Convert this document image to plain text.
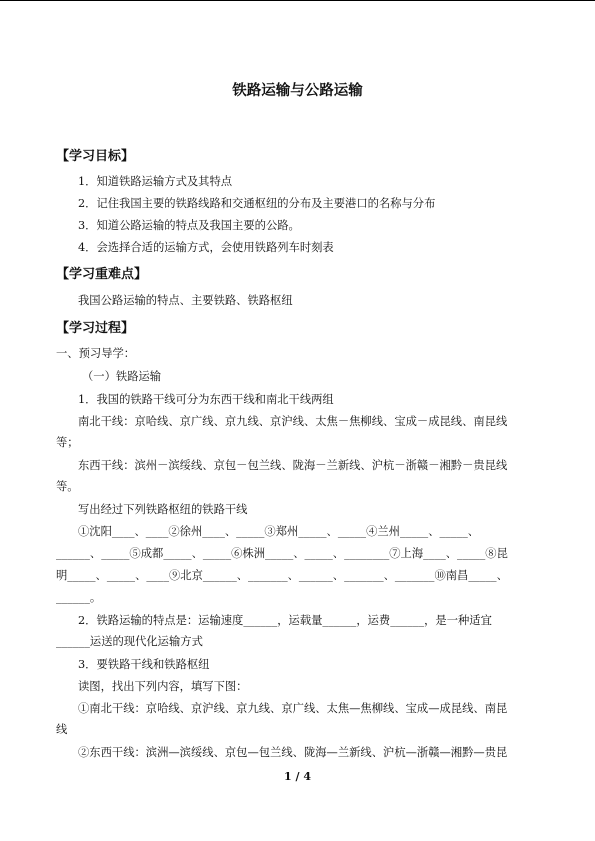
铁路运输与公路运输
【学习目标】
1．知道铁路运输方式及其特点
2．记住我国主要的铁路线路和交通枢纽的分布及主要港口的名称与分布
3．知道公路运输的特点及我国主要的公路。
4．会选择合适的运输方式，会使用铁路列车时刻表
【学习重难点】
我国公路运输的特点、主要铁路、铁路枢纽
【学习过程】
一、预习导学：
（一）铁路运输
1．我国的铁路干线可分为东西干线和南北干线两组
南北干线：京哈线、京广线、京九线、京沪线、太焦－焦柳线、宝成－成昆线、南昆线
等；
东西干线：滨州－滨绥线、京包－包兰线、陇海－兰新线、沪杭－浙赣－湘黔－贵昆线
等。
写出经过下列铁路枢纽的铁路干线
①沈阳____、____②徐州____、_____③郑州_____、_____④兰州_____、_____、
______、_____⑤成都_____、_____⑥株洲_____、_____、________⑦上海____、_____⑧昆
明_____、_____、____⑨北京______、_______、______、_______、_______⑩南昌_____、
______。
2．铁路运输的特点是：运输速度______，运载量______，运费______，是一种适宜
______运送的现代化运输方式
3．要铁路干线和铁路枢纽
读图，找出下列内容，填写下图：
①南北干线：京哈线、京沪线、京九线、京广线、太焦—焦柳线、宝成—成昆线、南昆
线
②东西干线：滨洲—滨绥线、京包—包兰线、陇海—兰新线、沪杭—浙赣—湘黔—贵昆
1 / 4
